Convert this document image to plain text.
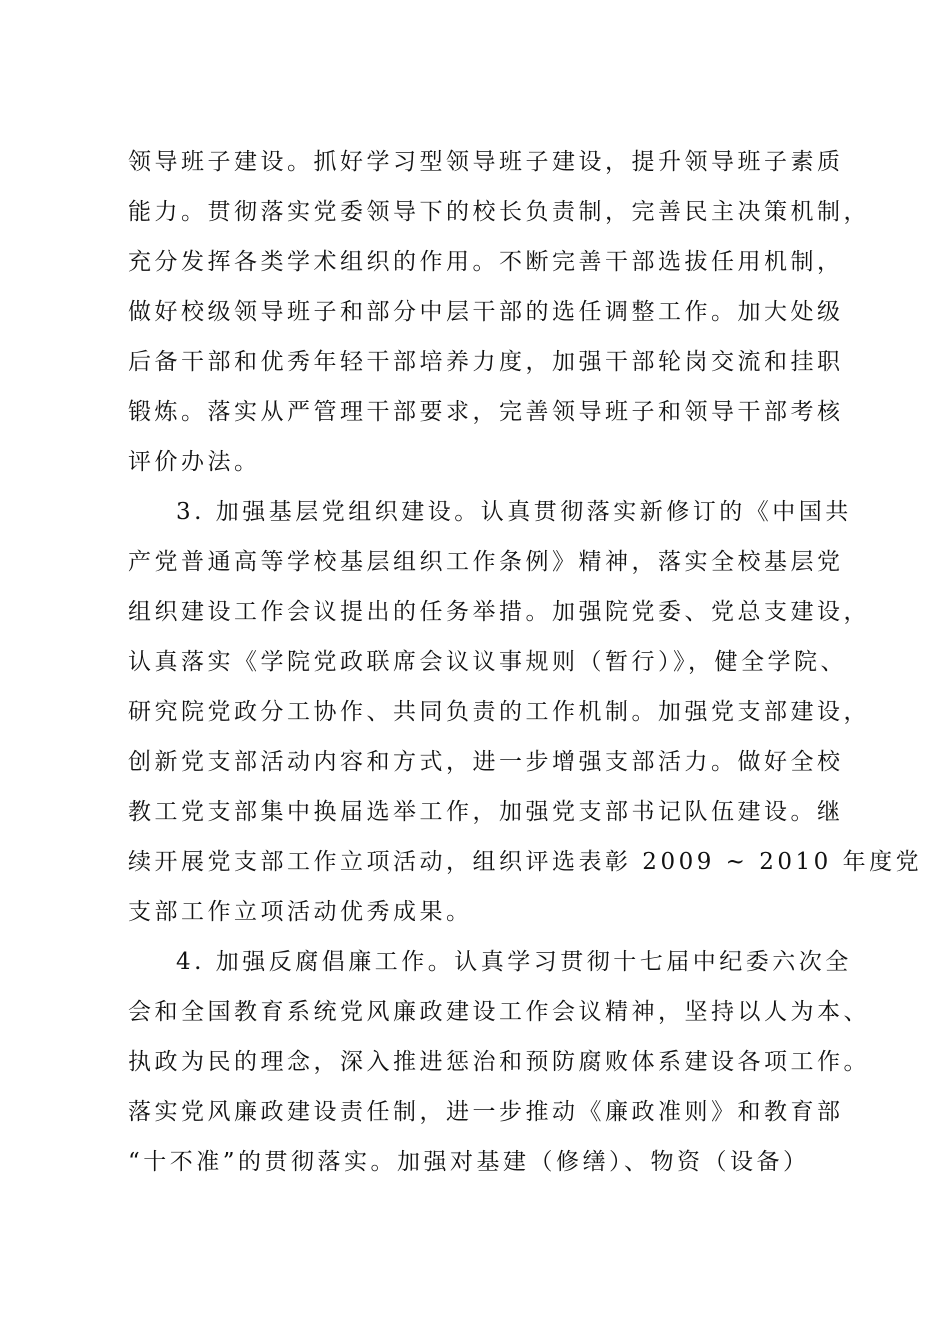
领导班子建设。抓好学习型领导班子建设，提升领导班子素质
能力。贯彻落实党委领导下的校长负责制，完善民主决策机制，
充分发挥各类学术组织的作用。不断完善干部选拔任用机制，
做好校级领导班子和部分中层干部的选任调整工作。加大处级
后备干部和优秀年轻干部培养力度，加强干部轮岗交流和挂职
锻炼。落实从严管理干部要求，完善领导班子和领导干部考核
评价办法。
3. 加强基层党组织建设。认真贯彻落实新修订的《中国共
产党普通高等学校基层组织工作条例》精神，落实全校基层党
组织建设工作会议提出的任务举措。加强院党委、党总支建设，
认真落实《学院党政联席会议议事规则（暂行）》，健全学院、
研究院党政分工协作、共同负责的工作机制。加强党支部建设，
创新党支部活动内容和方式，进一步增强支部活力。做好全校
教工党支部集中换届选举工作，加强党支部书记队伍建设。继
续开展党支部工作立项活动，组织评选表彰 2009 ~ 2010 年度党
支部工作立项活动优秀成果。
4. 加强反腐倡廉工作。认真学习贯彻十七届中纪委六次全
会和全国教育系统党风廉政建设工作会议精神，坚持以人为本、
执政为民的理念，深入推进惩治和预防腐败体系建设各项工作。
落实党风廉政建设责任制，进一步推动《廉政准则》和教育部
“十不准”的贯彻落实。加强对基建（修缮）、物资（设备）
